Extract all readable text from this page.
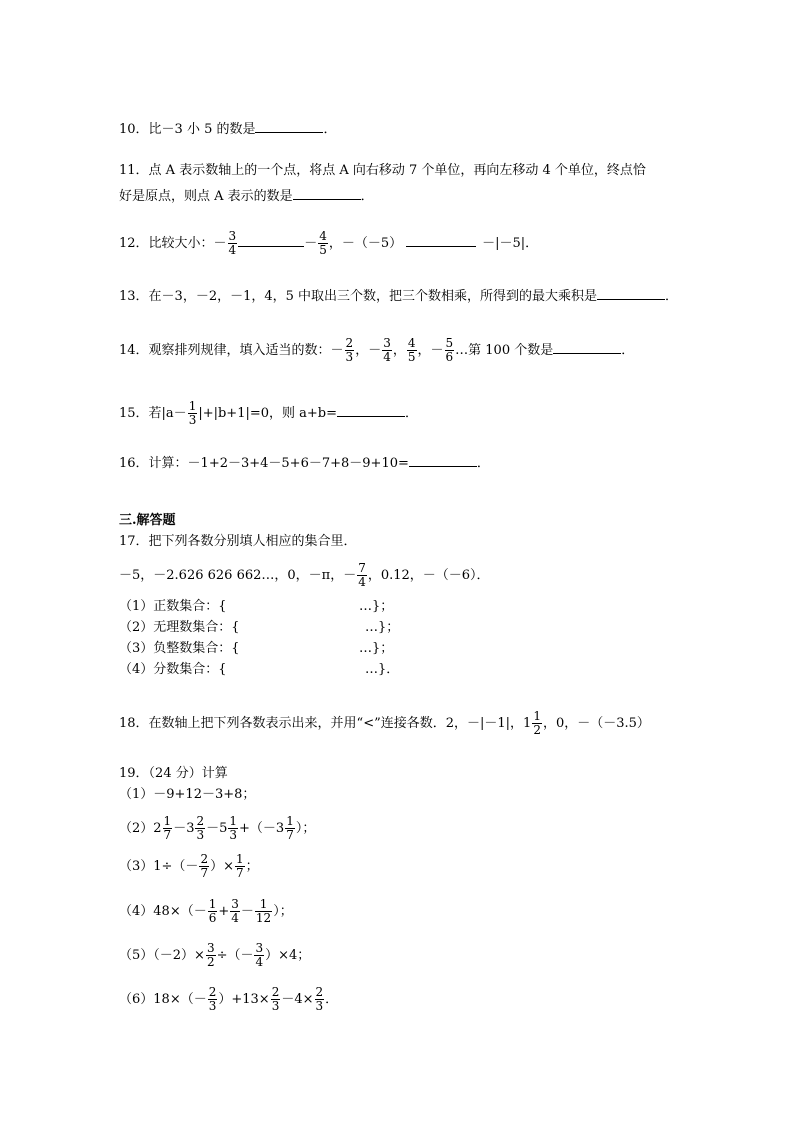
10．比－3 小 5 的数是	．
11．点 A 表示数轴上的一个点，将点 A 向右移动 7 个单位，再向左移动 4 个单位，终点恰
好是原点，则点 A 表示的数是	．
12．比较大小：－ $\frac{3}{4}$	－ $\frac{4}{5}$ ，－（－5）	－|－5|．
13．在－3，－2，－1，4，5 中取出三个数，把三个数相乘，所得到的最大乘积是	．
14．观察排列规律，填入适当的数：－ $\frac{2}{3}$ ，－ $\frac{3}{4}$ ， $\frac{4}{5}$ ，－ $\frac{5}{6}$ …第 100 个数是	．
15．若$|a- \frac{1}{3} |+|b+1|=0$，则 a+b=	．
16．计算：－1+2－3+4－5+6－7+8－9+10=	．
三.解答题
17．把下列各数分别填人相应的集合里．
－5，－2.626 626 662…，0，－π，－ $\frac{7}{4}$ ，0.12，－（－6）．
（1）正数集合：{	…}；
（2）无理数集合：{	…}；
（3）负整数集合：{	…}；
（4）分数集合：{	…}．
18．在数轴上把下列各数表示出来，并用“<”连接各数．2，－|－1|，$1 \frac{1}{2}$ ，0，－（－3.5）
19．（24 分）计算
（1）－9+12－3+8；
$(2)2 \frac{1}{7} -3 \frac{2}{3} -5 \frac{1}{3} +(-3 \frac{1}{7}$ ）；
$(3)1\div(- \frac{2}{7}$ ）× $\frac{1}{7}$ ；
$(4)48\times(- \frac{1}{6} + \frac{3}{4} - \frac{1}{12}$ ）；
$(5)(-2)\times \frac{3}{2}$ ÷（－ $\frac{3}{4} )\times 4$；
$(6)18\times(- \frac{2}{3} )+13\times \frac{2}{3} -4\times \frac{2}{3}$ ．
